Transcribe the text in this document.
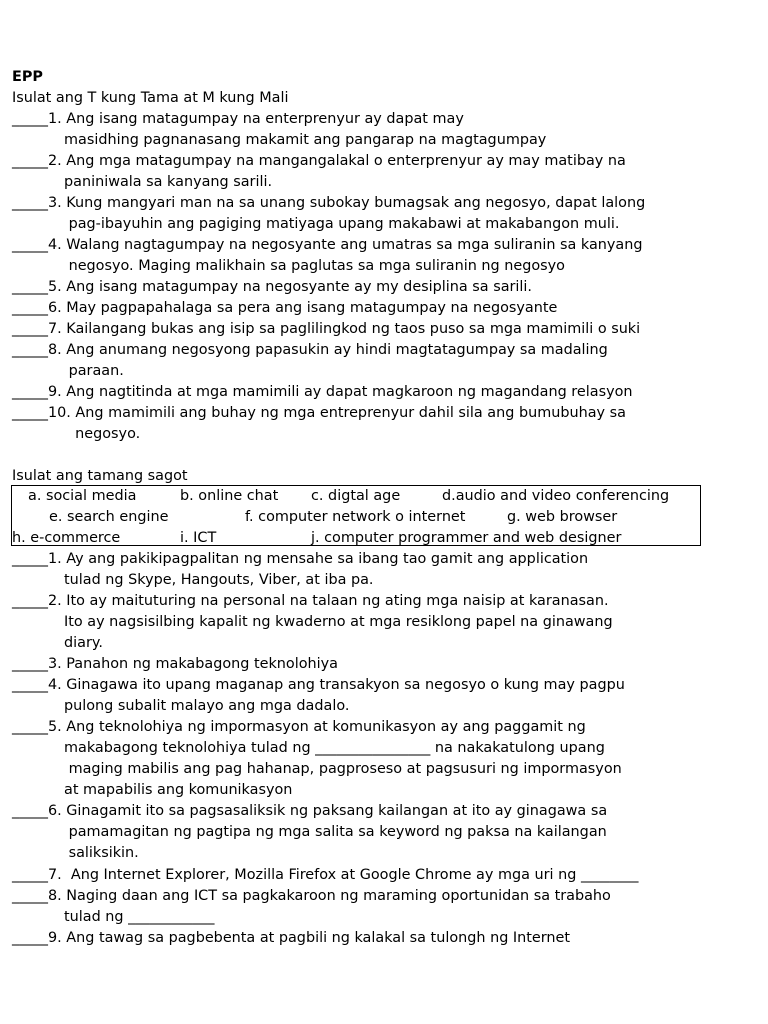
EPP
Isulat ang T kung Tama at M kung Mali
_____1. Ang isang matagumpay na enterprenyur ay dapat may
masidhing pagnanasang makamit ang pangarap na magtagumpay
_____2. Ang mga matagumpay na mangangalakal o enterprenyur ay may matibay na
paniniwala sa kanyang sarili.
_____3. Kung mangyari man na sa unang subokay bumagsak ang negosyo, dapat lalong
pag-ibayuhin ang pagiging matiyaga upang makabawi at makabangon muli.
_____4. Walang nagtagumpay na negosyante ang umatras sa mga suliranin sa kanyang
negosyo. Maging malikhain sa paglutas sa mga suliranin ng negosyo
_____5. Ang isang matagumpay na negosyante ay my desiplina sa sarili.
_____6. May pagpapahalaga sa pera ang isang matagumpay na negosyante
_____7. Kailangang bukas ang isip sa paglilingkod ng taos puso sa mga mamimili o suki
_____8. Ang anumang negosyong papasukin ay hindi magtatagumpay sa madaling
paraan.
_____9. Ang nagtitinda at mga mamimili ay dapat magkaroon ng magandang relasyon
_____10. Ang mamimili ang buhay ng mga entreprenyur dahil sila ang bumubuhay sa
negosyo.
Isulat ang tamang sagot
a. social media	b. online chat c. digtal age	d.audio and video conferencing
e. search engine	f. computer network o internet	g. web browser
h. e-commerce	i. ICT	j. computer programmer and web designer
_____1. Ay ang pakikipagpalitan ng mensahe sa ibang tao gamit ang application
tulad ng Skype, Hangouts, Viber, at iba pa.
_____2. Ito ay maituturing na personal na talaan ng ating mga naisip at karanasan.
Ito ay nagsisilbing kapalit ng kwaderno at mga resiklong papel na ginawang
diary.
_____3. Panahon ng makabagong teknolohiya
_____4. Ginagawa ito upang maganap ang transakyon sa negosyo o kung may pagpu
pulong subalit malayo ang mga dadalo.
_____5. Ang teknolohiya ng impormasyon at komunikasyon ay ang paggamit ng
makabagong teknolohiya tulad ng ________________ na nakakatulong upang
maging mabilis ang pag hahanap, pagproseso at pagsusuri ng impormasyon
at mapabilis ang komunikasyon
_____6. Ginagamit ito sa pagsasaliksik ng paksang kailangan at ito ay ginagawa sa
pamamagitan ng pagtipa ng mga salita sa keyword ng paksa na kailangan
saliksikin.
_____7.  Ang Internet Explorer, Mozilla Firefox at Google Chrome ay mga uri ng ________
_____8. Naging daan ang ICT sa pagkakaroon ng maraming oportunidan sa trabaho
tulad ng ____________
_____9. Ang tawag sa pagbebenta at pagbili ng kalakal sa tulongh ng Internet
